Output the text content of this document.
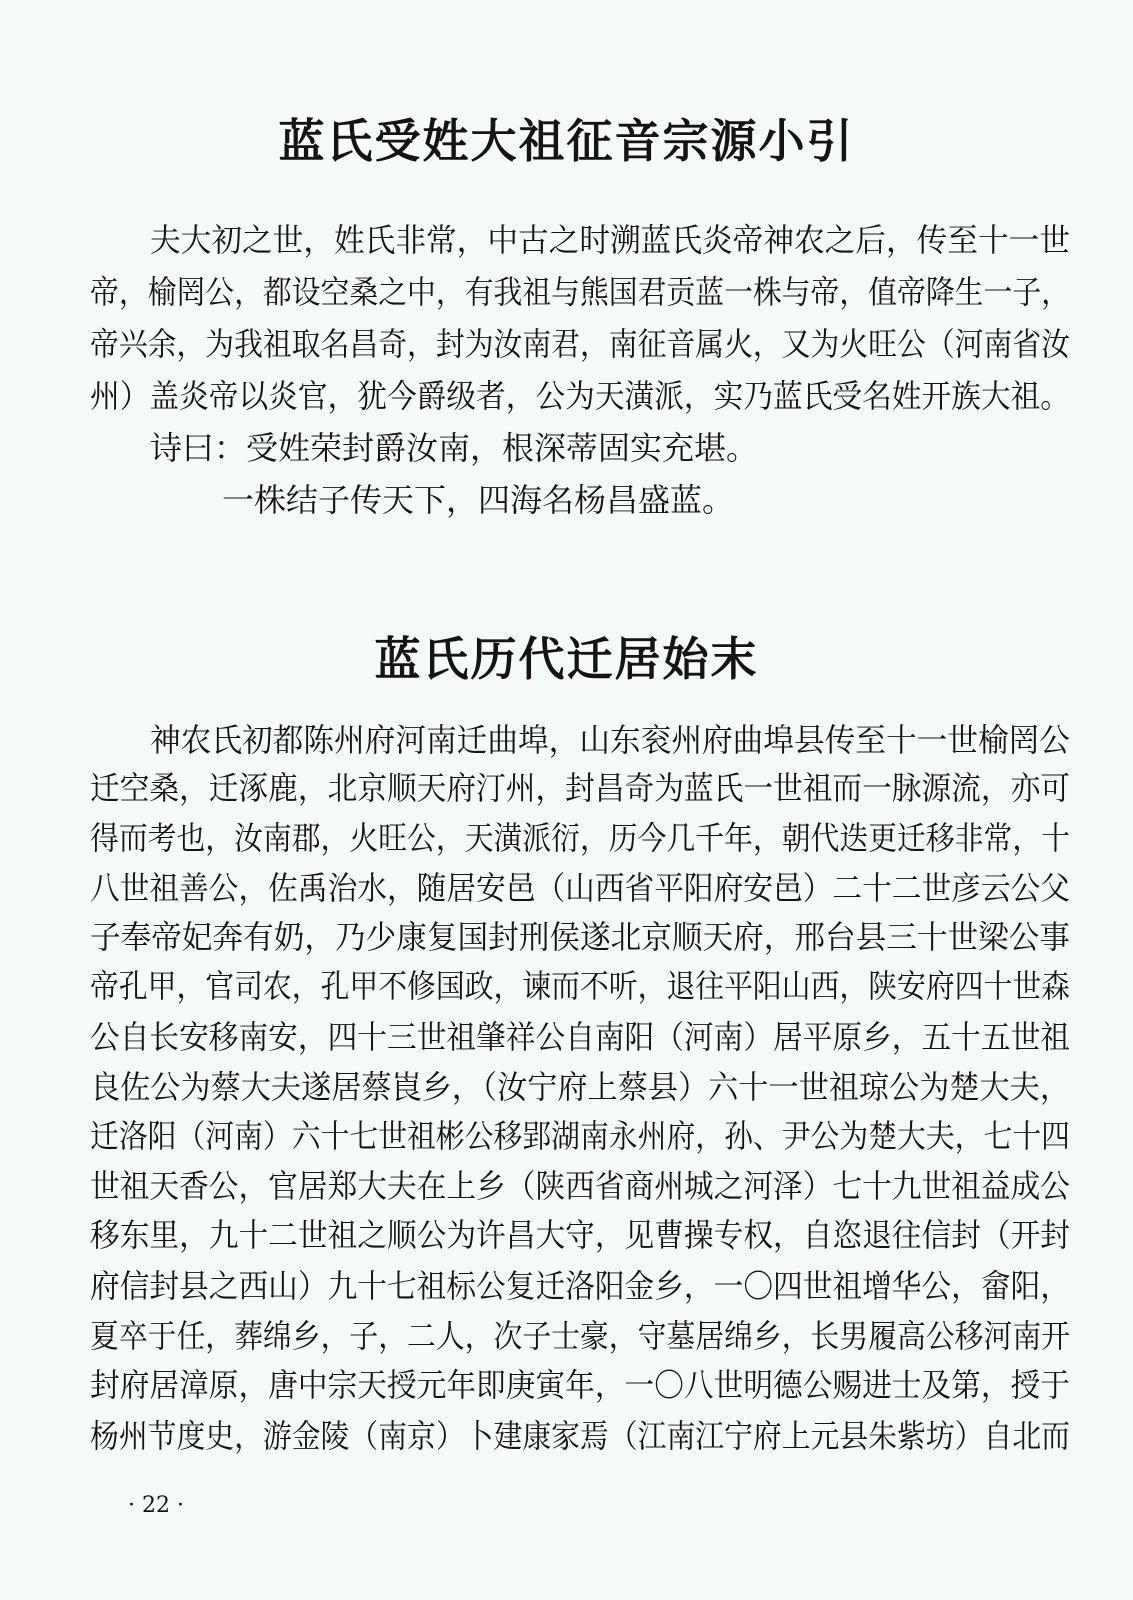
蓝氏受姓大祖征音宗源小引
夫大初之世，姓氏非常，中古之时溯蓝氏炎帝神农之后，传至十一世
帝，榆罔公，都设空桑之中，有我祖与熊国君贡蓝一株与帝，值帝降生一子，
帝兴余，为我祖取名昌奇，封为汝南君，南征音属火，又为火旺公（河南省汝
州）盖炎帝以炎官，犹今爵级者，公为天潢派，实乃蓝氏受名姓开族大祖。
诗曰：受姓荣封爵汝南，根深蒂固实充堪。
一株结子传天下，四海名杨昌盛蓝。
蓝氏历代迁居始末
神农氏初都陈州府河南迁曲埠，山东衮州府曲埠县传至十一世榆罔公
迁空桑，迁涿鹿，北京顺天府汀州，封昌奇为蓝氏一世祖而一脉源流，亦可
得而考也，汝南郡，火旺公，天潢派衍，历今几千年，朝代迭更迁移非常，十
八世祖善公，佐禹治水，随居安邑（山西省平阳府安邑）二十二世彦云公父
子奉帝妃奔有奶，乃少康复国封刑侯遂北京顺天府，邢台县三十世梁公事
帝孔甲，官司农，孔甲不修国政，谏而不听，退往平阳山西，陕安府四十世森
公自长安移南安，四十三世祖肇祥公自南阳（河南）居平原乡，五十五世祖
良佐公为蔡大夫遂居蔡崀乡，（汝宁府上蔡县）六十一世祖琼公为楚大夫，
迁洛阳（河南）六十七世祖彬公移郢湖南永州府，孙、尹公为楚大夫，七十四
世祖天香公，官居郑大夫在上乡（陕西省商州城之河泽）七十九世祖益成公
移东里，九十二世祖之顺公为许昌大守，见曹操专权，自恣退往信封（开封
府信封县之西山）九十七祖标公复迁洛阳金乡，一〇四世祖增华公，畲阳，
夏卒于任，葬绵乡，子，二人，次子士豪，守墓居绵乡，长男履高公移河南开
封府居漳原，唐中宗天授元年即庚寅年，一〇八世明德公赐进士及第，授于
杨州节度史，游金陵（南京）卜建康家焉（江南江宁府上元县朱紫坊）自北而
· 22 ·
